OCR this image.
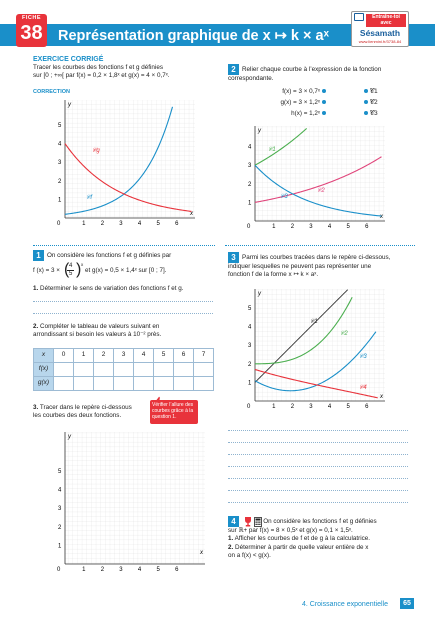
FICHE
38	Représentation graphique de x ↦ k × aˣ
Entraîne-toi avec
Sésamath
www.lienmini.fr/3738-84
EXERCICE CORRIGÉ
Tracer les courbes des fonctions f et g définies
sur [0 ; +∞[ par f(x) = 0,2 × 1,8ˣ et g(x) = 4 × 0,7ˣ.
CORRECTION
y
x
0	1	2	3	4	5	6
1
2
3
4
5
𝒞g
𝒞f
2 Relier chaque courbe à l’expression de la fonction
correspondante.
f(x) = 3 × 0,7ˣ	𝒞1
g(x) = 3 × 1,2ˣ	𝒞2
h(x) = 1,2ˣ	𝒞3
y
x
0	1	2	3	4	5	6
1
2
3
4	𝒞1
𝒞2
𝒞3
1 On considère les fonctions f et g définies par
f (x) = 3 × ( 4
5 ) x
et g(x) = 0,5 × 1,4ˣ sur [0 ; 7].
1. Déterminer le sens de variation des fonctions f et g.
2. Compléter le tableau de valeurs suivant en
arrondissant si besoin les valeurs à 10⁻² près.
x	0	1	2	3	4	5	6	7
f(x)								
g(x)								
3. Tracer dans le repère ci-dessous
les courbes des deux fonctions.
Vérifier l’allure des courbes grâce à la question 1.
y
x
0	1	2	3	4	5	6
1
2
3
4
5
3 Parmi les courbes tracées dans le repère ci-dessous,
indiquer lesquelles ne peuvent pas représenter une
fonction f de la forme x ↦ k × aˣ.
y
x
0	1	2	3	4	5	6
1
2
3
4
5
𝒞1
𝒞2
𝒞3
𝒞4
4	On considère les fonctions f et g définies
sur ℝ+ par f(x) = 8 × 0,5ˣ et g(x) = 0,1 × 1,5ˣ.
1. Afficher les courbes de f et de g à la calculatrice.
2. Déterminer à partir de quelle valeur entière de x
on a f(x) < g(x).
4. Croissance exponentielle	65
